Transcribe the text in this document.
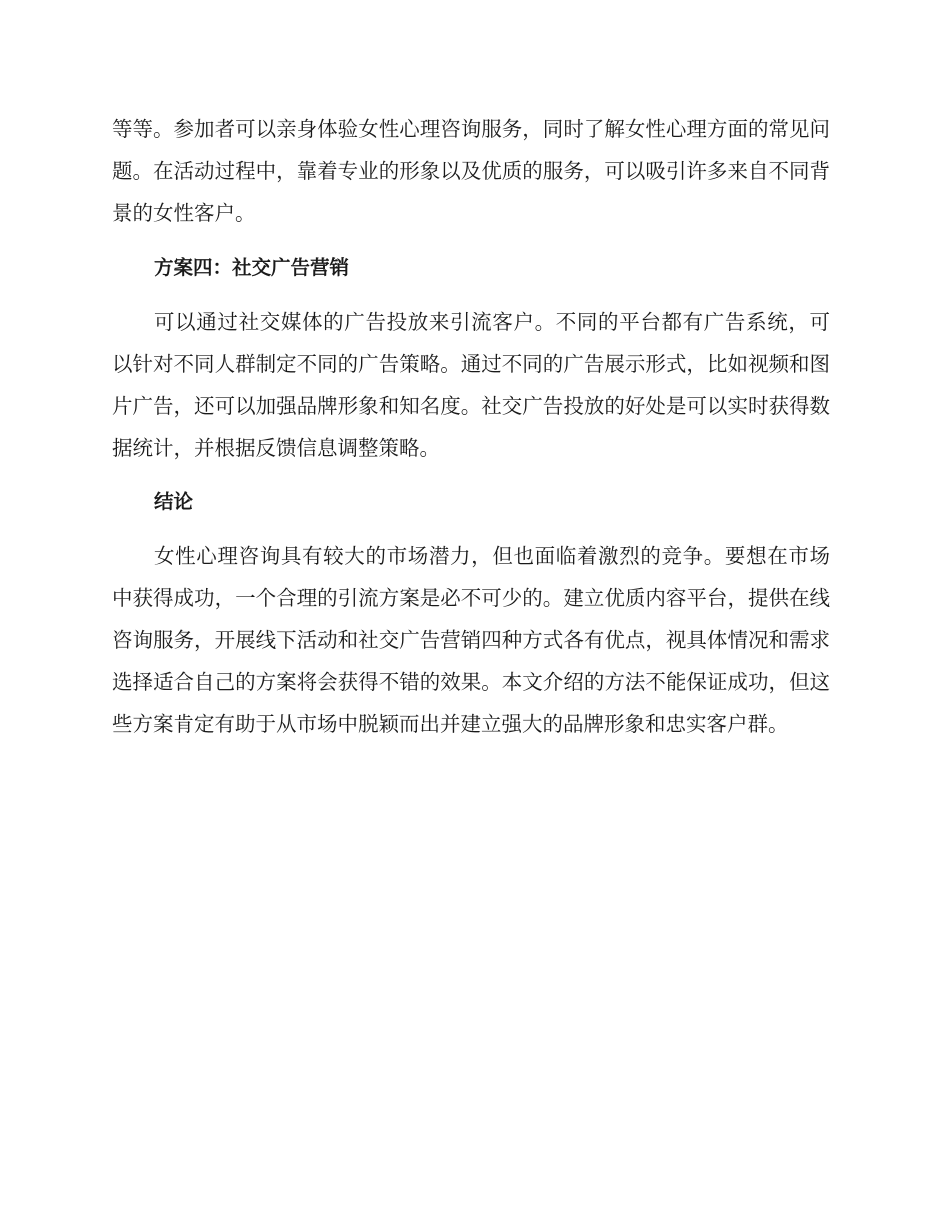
等等。参加者可以亲身体验女性心理咨询服务，同时了解女性心理方面的常见问题。在活动过程中，靠着专业的形象以及优质的服务，可以吸引许多来自不同背景的女性客户。

方案四：社交广告营销

可以通过社交媒体的广告投放来引流客户。不同的平台都有广告系统，可以针对不同人群制定不同的广告策略。通过不同的广告展示形式，比如视频和图片广告，还可以加强品牌形象和知名度。社交广告投放的好处是可以实时获得数据统计，并根据反馈信息调整策略。

结论

女性心理咨询具有较大的市场潜力，但也面临着激烈的竞争。要想在市场中获得成功，一个合理的引流方案是必不可少的。建立优质内容平台，提供在线咨询服务，开展线下活动和社交广告营销四种方式各有优点，视具体情况和需求选择适合自己的方案将会获得不错的效果。本文介绍的方法不能保证成功，但这些方案肯定有助于从市场中脱颖而出并建立强大的品牌形象和忠实客户群。
